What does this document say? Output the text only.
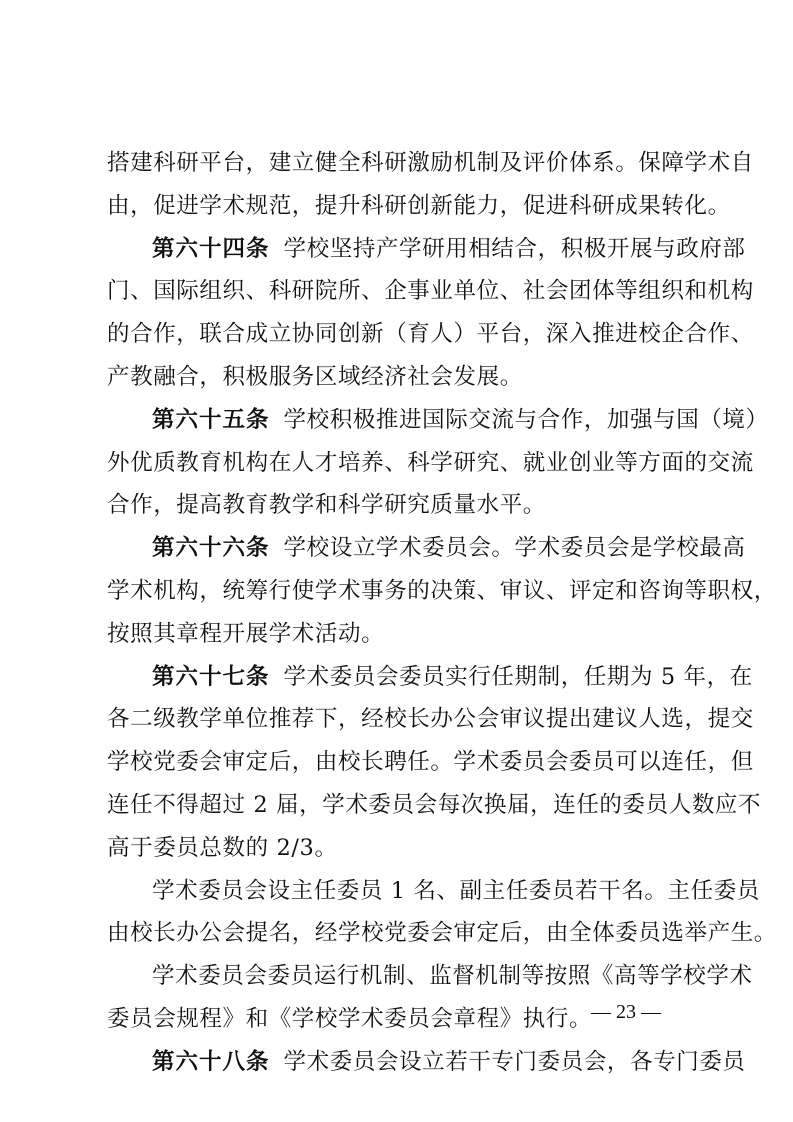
搭建科研平台，建立健全科研激励机制及评价体系。保障学术自
由，促进学术规范，提升科研创新能力，促进科研成果转化。
第六十四条 学校坚持产学研用相结合，积极开展与政府部
门、国际组织、科研院所、企事业单位、社会团体等组织和机构
的合作，联合成立协同创新（育人）平台，深入推进校企合作、
产教融合，积极服务区域经济社会发展。
第六十五条 学校积极推进国际交流与合作，加强与国（境）
外优质教育机构在人才培养、科学研究、就业创业等方面的交流
合作，提高教育教学和科学研究质量水平。
第六十六条 学校设立学术委员会。学术委员会是学校最高
学术机构，统筹行使学术事务的决策、审议、评定和咨询等职权，
按照其章程开展学术活动。
第六十七条 学术委员会委员实行任期制，任期为 5 年，在
各二级教学单位推荐下，经校长办公会审议提出建议人选，提交
学校党委会审定后，由校长聘任。学术委员会委员可以连任，但
连任不得超过 2 届，学术委员会每次换届，连任的委员人数应不
高于委员总数的 2/3。
学术委员会设主任委员 1 名、副主任委员若干名。主任委员
由校长办公会提名，经学校党委会审定后，由全体委员选举产生。
学术委员会委员运行机制、监督机制等按照《高等学校学术
委员会规程》和《学校学术委员会章程》执行。
第六十八条 学术委员会设立若干专门委员会，各专门委员
— 23 —
